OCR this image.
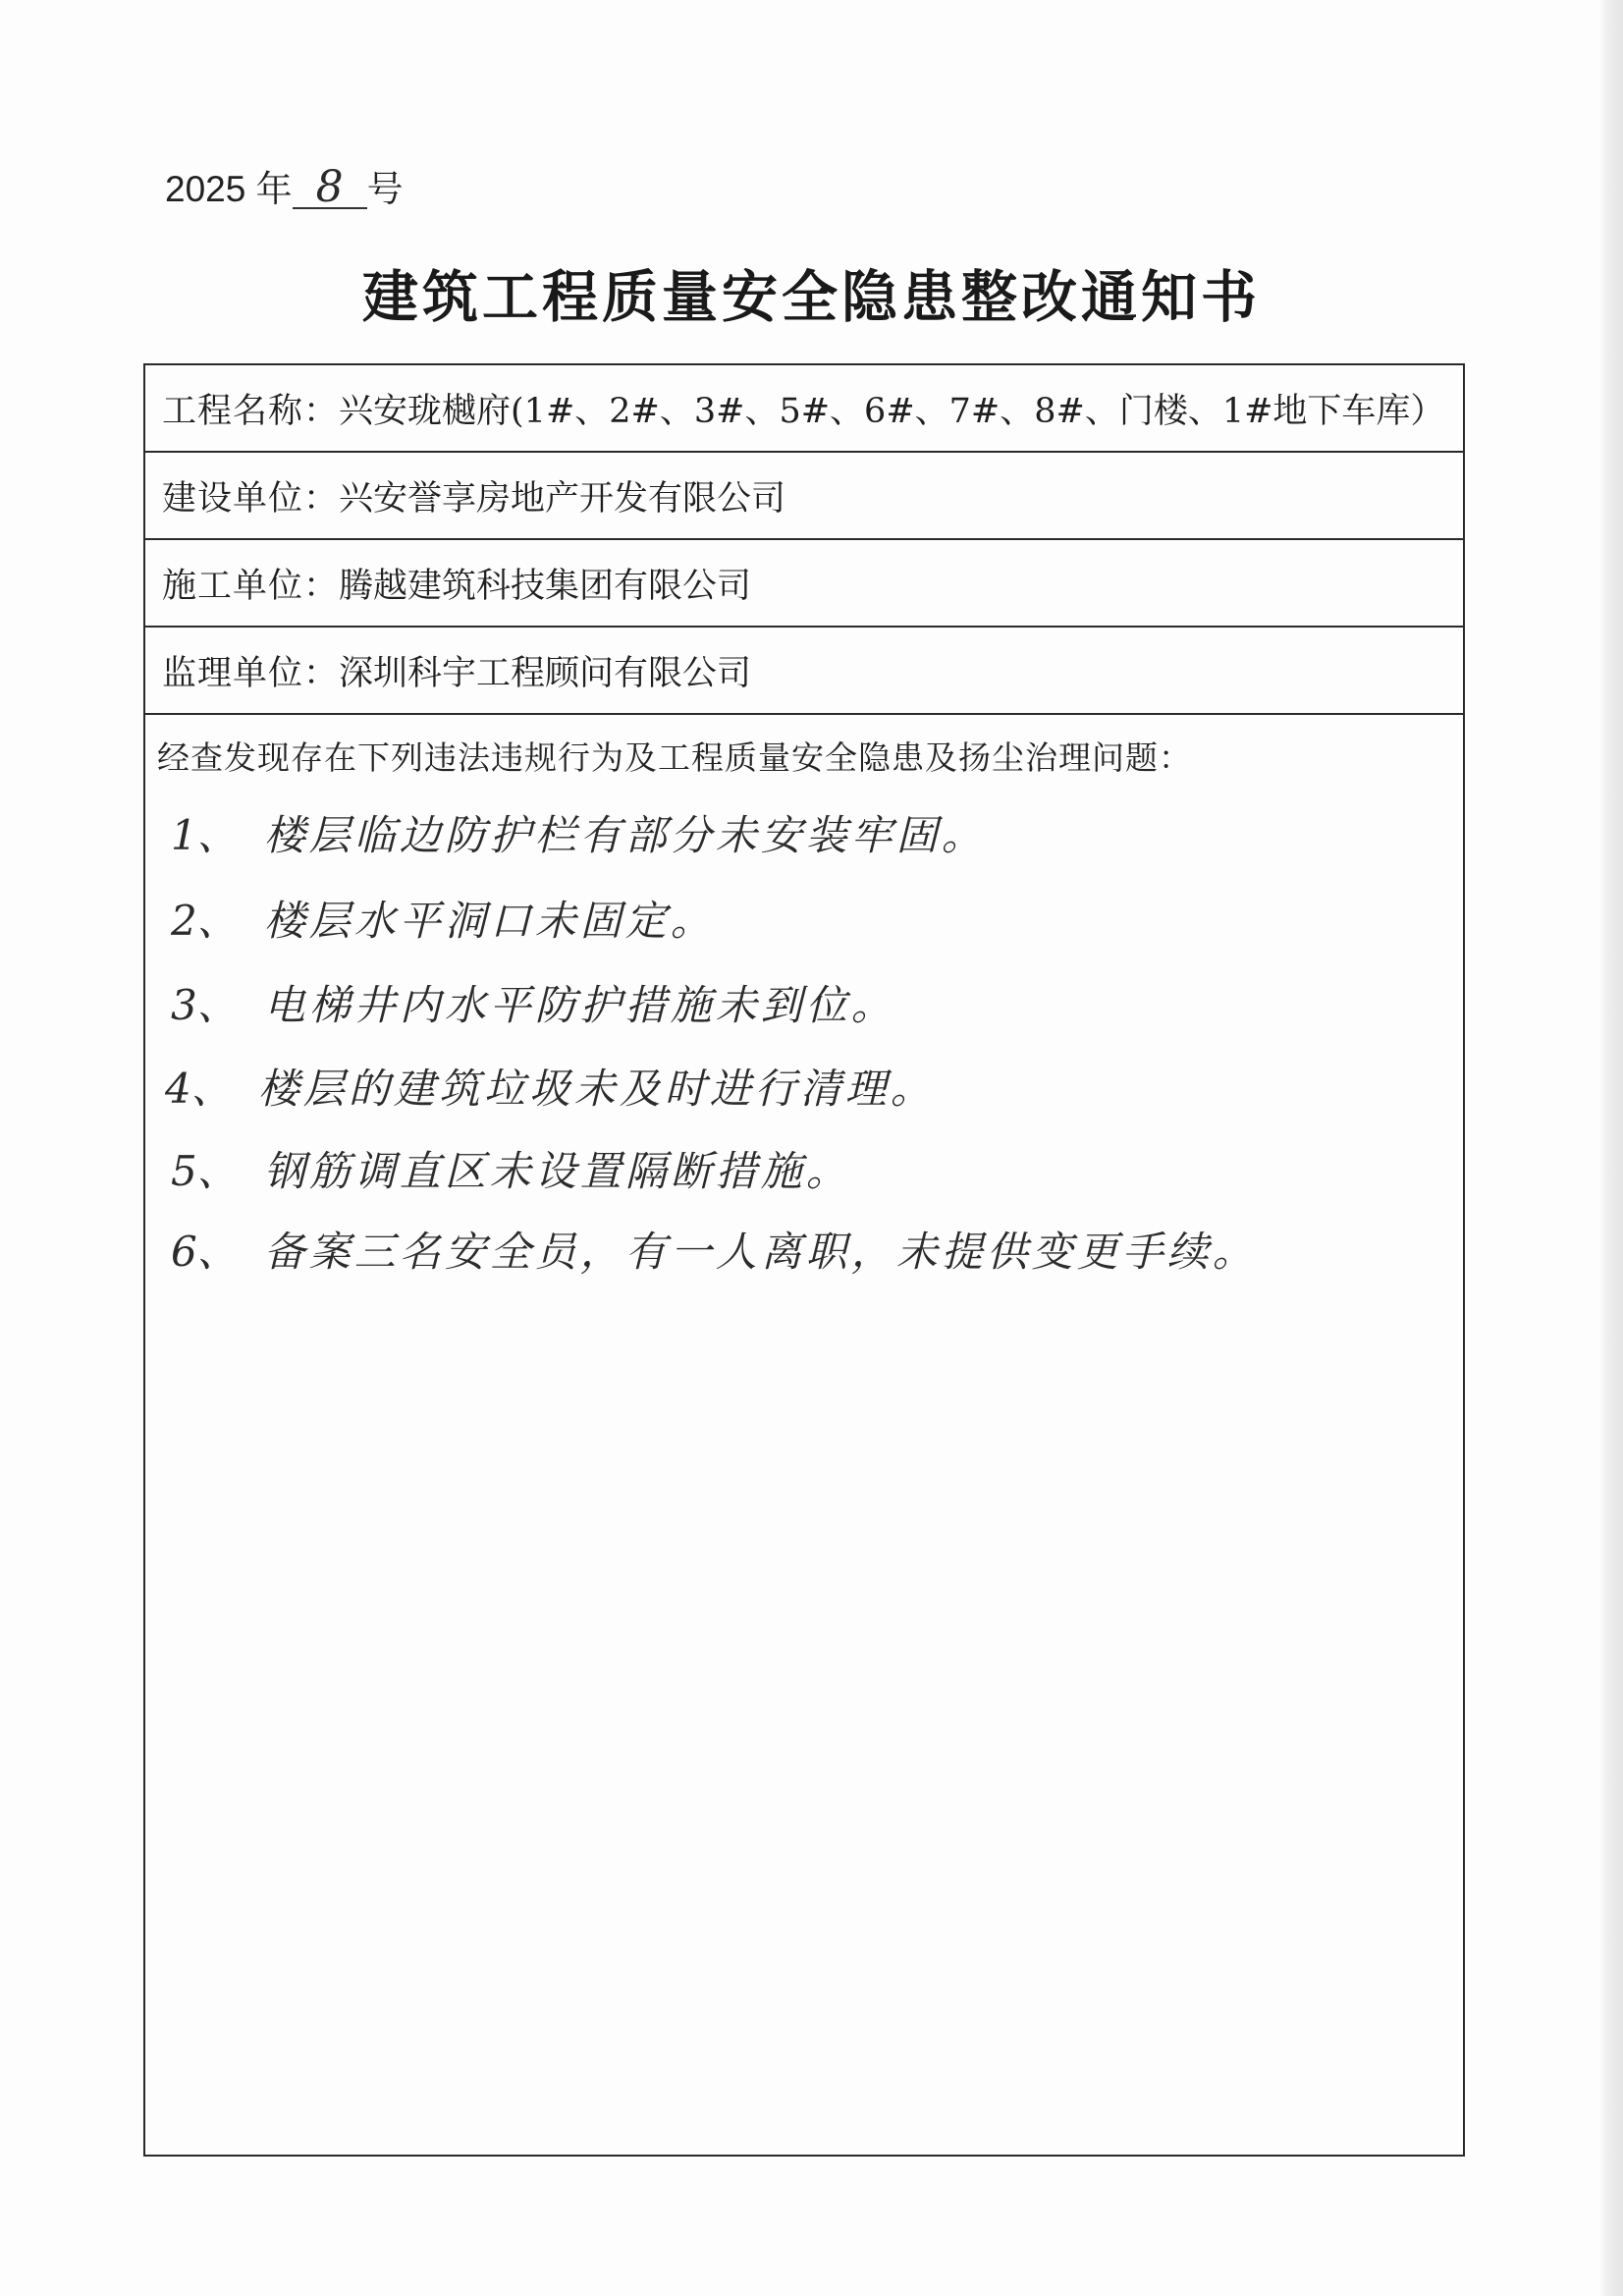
2025 年 8 号
建筑工程质量安全隐患整改通知书
工程名称： 兴安珑樾府(1#、2#、3#、5#、6#、7#、8#、门楼、1#地下车库）
建设单位： 兴安誉享房地产开发有限公司
施工单位： 腾越建筑科技集团有限公司
监理单位： 深圳科宇工程顾问有限公司
经查发现存在下列违法违规行为及工程质量安全隐患及扬尘治理问题：
1、 楼层临边防护栏有部分未安装牢固。
2、 楼层水平洞口未固定。
3、 电梯井内水平防护措施未到位。
4、 楼层的建筑垃圾未及时进行清理。
5、 钢筋调直区未设置隔断措施。
6、 备案三名安全员，有一人离职，未提供变更手续。
